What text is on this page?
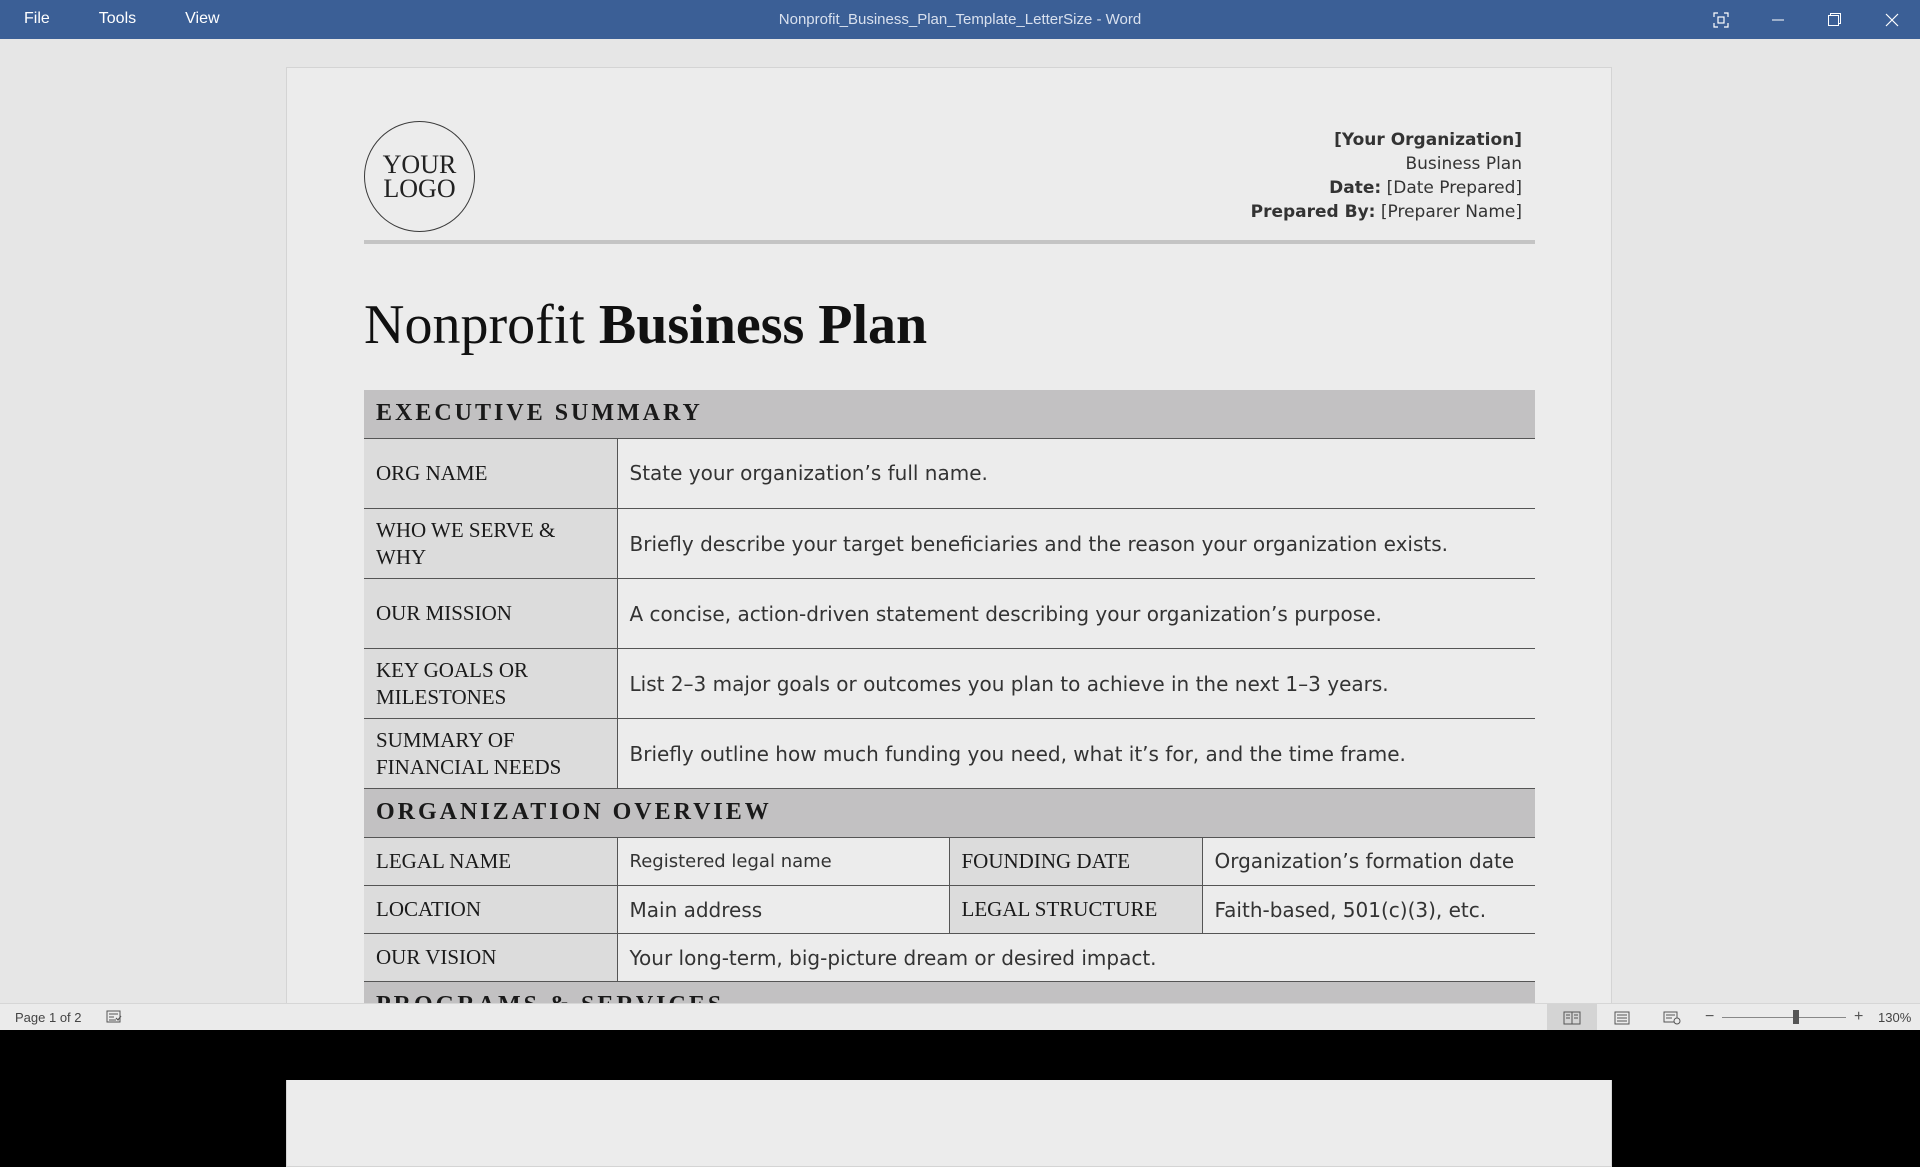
File	Tools	View	Nonprofit_Business_Plan_Template_LetterSize - Word
YOUR
LOGO
[Your Organization]
Business Plan
Date: [Date Prepared]
Prepared By: [Preparer Name]
Nonprofit Business Plan
EXECUTIVE SUMMARY
ORG NAME	State your organization’s full name.
WHO WE SERVE & WHY	Briefly describe your target beneficiaries and the reason your organization exists.
OUR MISSION	A concise, action-driven statement describing your organization’s purpose.
KEY GOALS OR MILESTONES	List 2–3 major goals or outcomes you plan to achieve in the next 1–3 years.
SUMMARY OF FINANCIAL NEEDS	Briefly outline how much funding you need, what it’s for, and the time frame.
ORGANIZATION OVERVIEW
LEGAL NAME	Registered legal name	FOUNDING DATE	Organization’s formation date
LOCATION	Main address	LEGAL STRUCTURE	Faith-based, 501(c)(3), etc.
OUR VISION	Your long-term, big-picture dream or desired impact.		
Page 1 of 2	−	+ 130%
